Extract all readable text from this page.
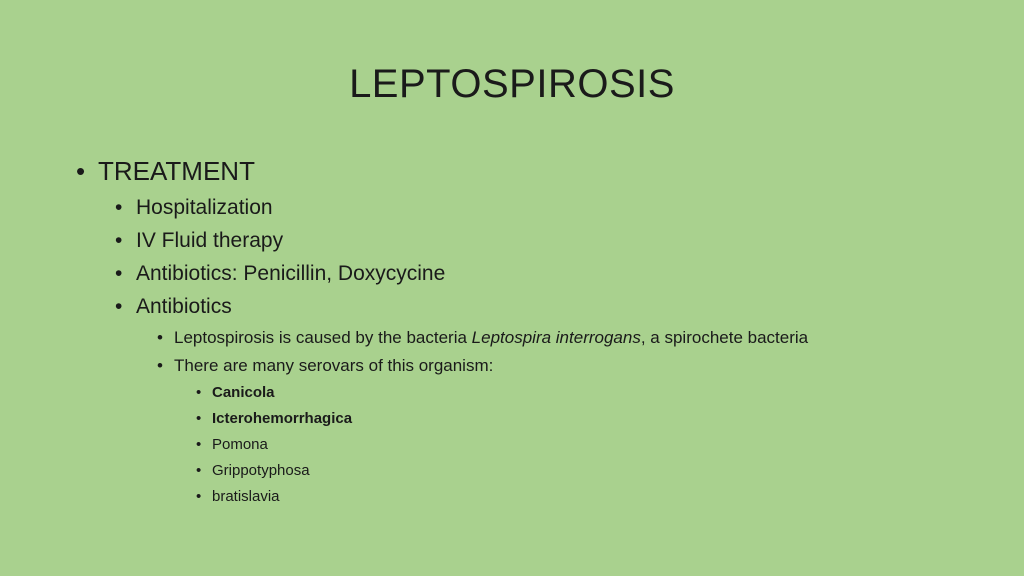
LEPTOSPIROSIS
• TREATMENT
• Hospitalization
• IV Fluid therapy
• Antibiotics: Penicillin, Doxycycine
• Antibiotics
• Leptospirosis is caused by the bacteria Leptospira interrogans, a spirochete bacteria
• There are many serovars of this organism:
• Canicola
• Icterohemorrhagica
• Pomona
• Grippotyphosa
• bratislavia
